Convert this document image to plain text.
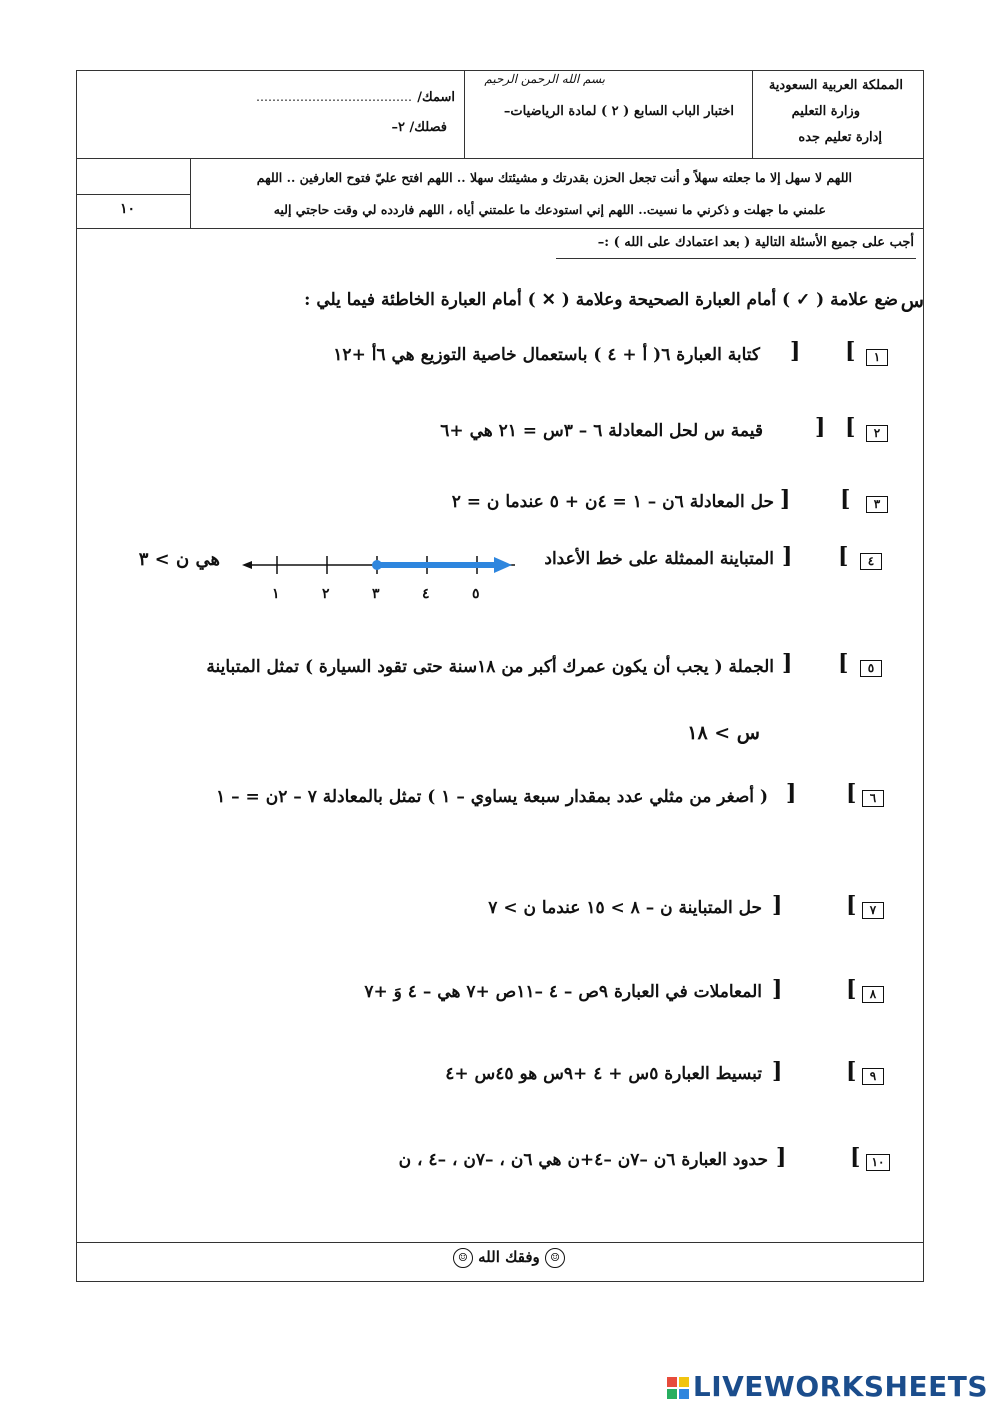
المملكة العربية السعودية
وزارة التعليم
إدارة تعليم جده
بسم الله الرحمن الرحيم
اختبار الباب السابع ( ٢ ) لمادة الرياضيات–
اسمك/
…………………………………
فصلك/ ٢–
اللهم لا سهل إلا ما جعلته سهلاً و أنت تجعل الحزن بقدرتك و مشيئتك سهلا .. اللهم افتح عليّ فتوح العارفين .. اللهم
علمني ما جهلت و ذكرني ما نسيت.. اللهم إني استودعك ما علمتني أياه ، اللهم فاردده لي وقت حاجتي إليه
١٠
أجب على جميع الأسئلة التالية ( بعد اعتمادك على الله ) :–
س
ضع علامة ( ✓ ) أمام العبارة الصحيحة وعلامة ( ✕ ) أمام العبارة الخاطئة فيما يلي :
١
[
]
كتابة العبارة ٦( أ + ٤ ) باستعمال خاصية التوزيع هي ٦أ +١٢
٢
[
]
قيمة س لحل المعادلة ٦ – ٣س = ٢١ هي +٦
٣
[
]
حل المعادلة ٦ن – ١ = ٤ن + ٥ عندما ن = ٢
٤
[
]
المتباينة الممثلة على خط الأعداد
هي ن > ٣
١	٢	٣	٤	٥
٥
[
]
الجملة ( يجب أن يكون عمرك أكبر من ١٨سنة حتى تقود السيارة ) تمثل المتباينة
س > ١٨
٦
[
]
( أصغر من مثلي عدد بمقدار سبعة يساوي – ١ ) تمثل بالمعادلة ٧ – ٢ن = – ١
٧
[
]
حل المتباينة ن – ٨ > ١٥ عندما ن > ٧
٨
[
]
المعاملات في العبارة ٩ص – ٤ –١١ص +٧ هي – ٤ وَ +٧
٩
[
]
تبسيط العبارة ٥س + ٤ +٩س هو ٤٥س +٤
١٠
[
]
حدود العبارة ٦ن –٧ن –٤+ن هي ٦ن ، –٧ن ، –٤ ، ن
☺ وفقك الله ☺
LIVEWORKSHEETS
